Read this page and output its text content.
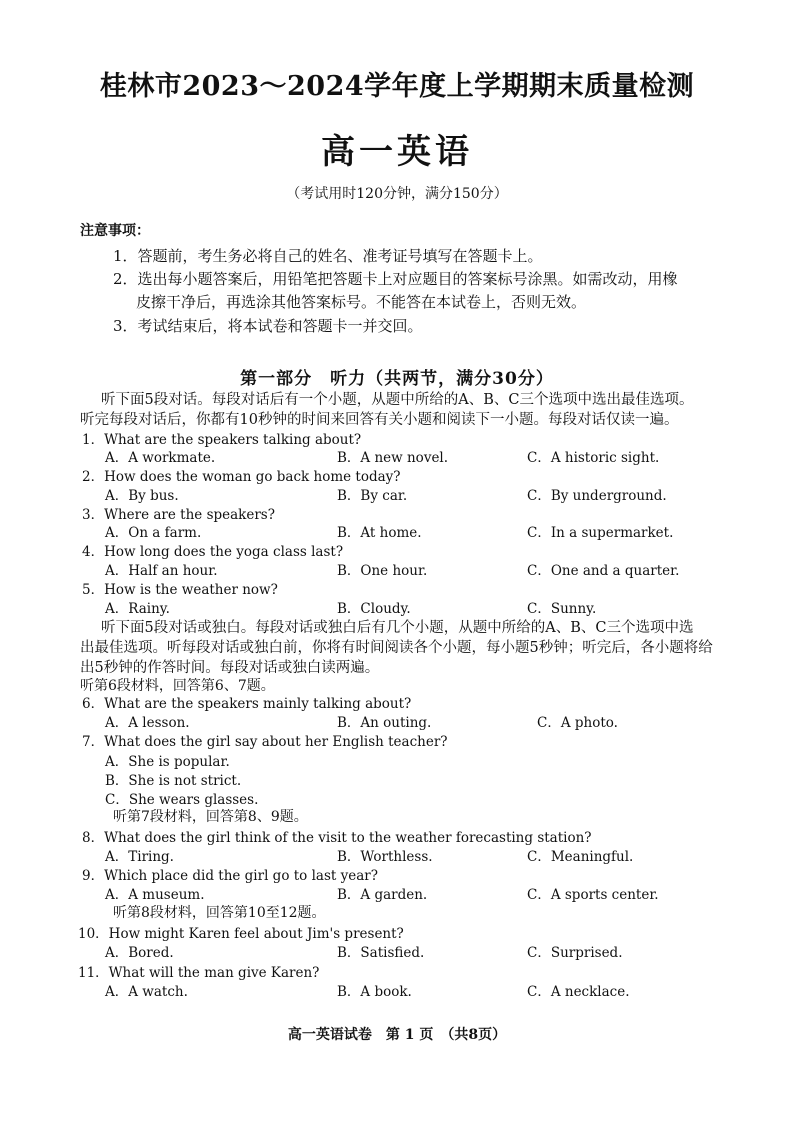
桂林市2023～2024学年度上学期期末质量检测
高一英语
（考试用时120分钟，满分150分）
注意事项：
1．答题前，考生务必将自己的姓名、准考证号填写在答题卡上。
2．选出每小题答案后，用铅笔把答题卡上对应题目的答案标号涂黑。如需改动，用橡
皮擦干净后，再选涂其他答案标号。不能答在本试卷上，否则无效。
3．考试结束后，将本试卷和答题卡一并交回。
第一部分　听力（共两节，满分30分）
听下面5段对话。每段对话后有一个小题，从题中所给的A、B、C三个选项中选出最佳选项。
听完每段对话后，你都有10秒钟的时间来回答有关小题和阅读下一小题。每段对话仅读一遍。
1．What are the speakers talking about?
A．A workmate.	B．A new novel.	C．A historic sight.
2．How does the woman go back home today?
A．By bus.	B．By car.	C．By underground.
3．Where are the speakers?
A．On a farm.	B．At home.	C．In a supermarket.
4．How long does the yoga class last?
A．Half an hour.	B．One hour.	C．One and a quarter.
5．How is the weather now?
A．Rainy.	B．Cloudy.	C．Sunny.
听下面5段对话或独白。每段对话或独白后有几个小题，从题中所给的A、B、C三个选项中选
出最佳选项。听每段对话或独白前，你将有时间阅读各个小题，每小题5秒钟；听完后，各小题将给
出5秒钟的作答时间。每段对话或独白读两遍。
听第6段材料，回答第6、7题。
6．What are the speakers mainly talking about?
A．A lesson.	B．An outing.	C．A photo.
7．What does the girl say about her English teacher?
A．She is popular.
B．She is not strict.
C．She wears glasses.
听第7段材料，回答第8、9题。
8．What does the girl think of the visit to the weather forecasting station?
A．Tiring.	B．Worthless.	C．Meaningful.
9．Which place did the girl go to last year?
A．A museum.	B．A garden.	C．A sports center.
听第8段材料，回答第10至12题。
10．How might Karen feel about Jim's present?
A．Bored.	B．Satisfied.	C．Surprised.
11．What will the man give Karen?
A．A watch.	B．A book.	C．A necklace.
高一英语试卷　第 1 页　（共8页）
